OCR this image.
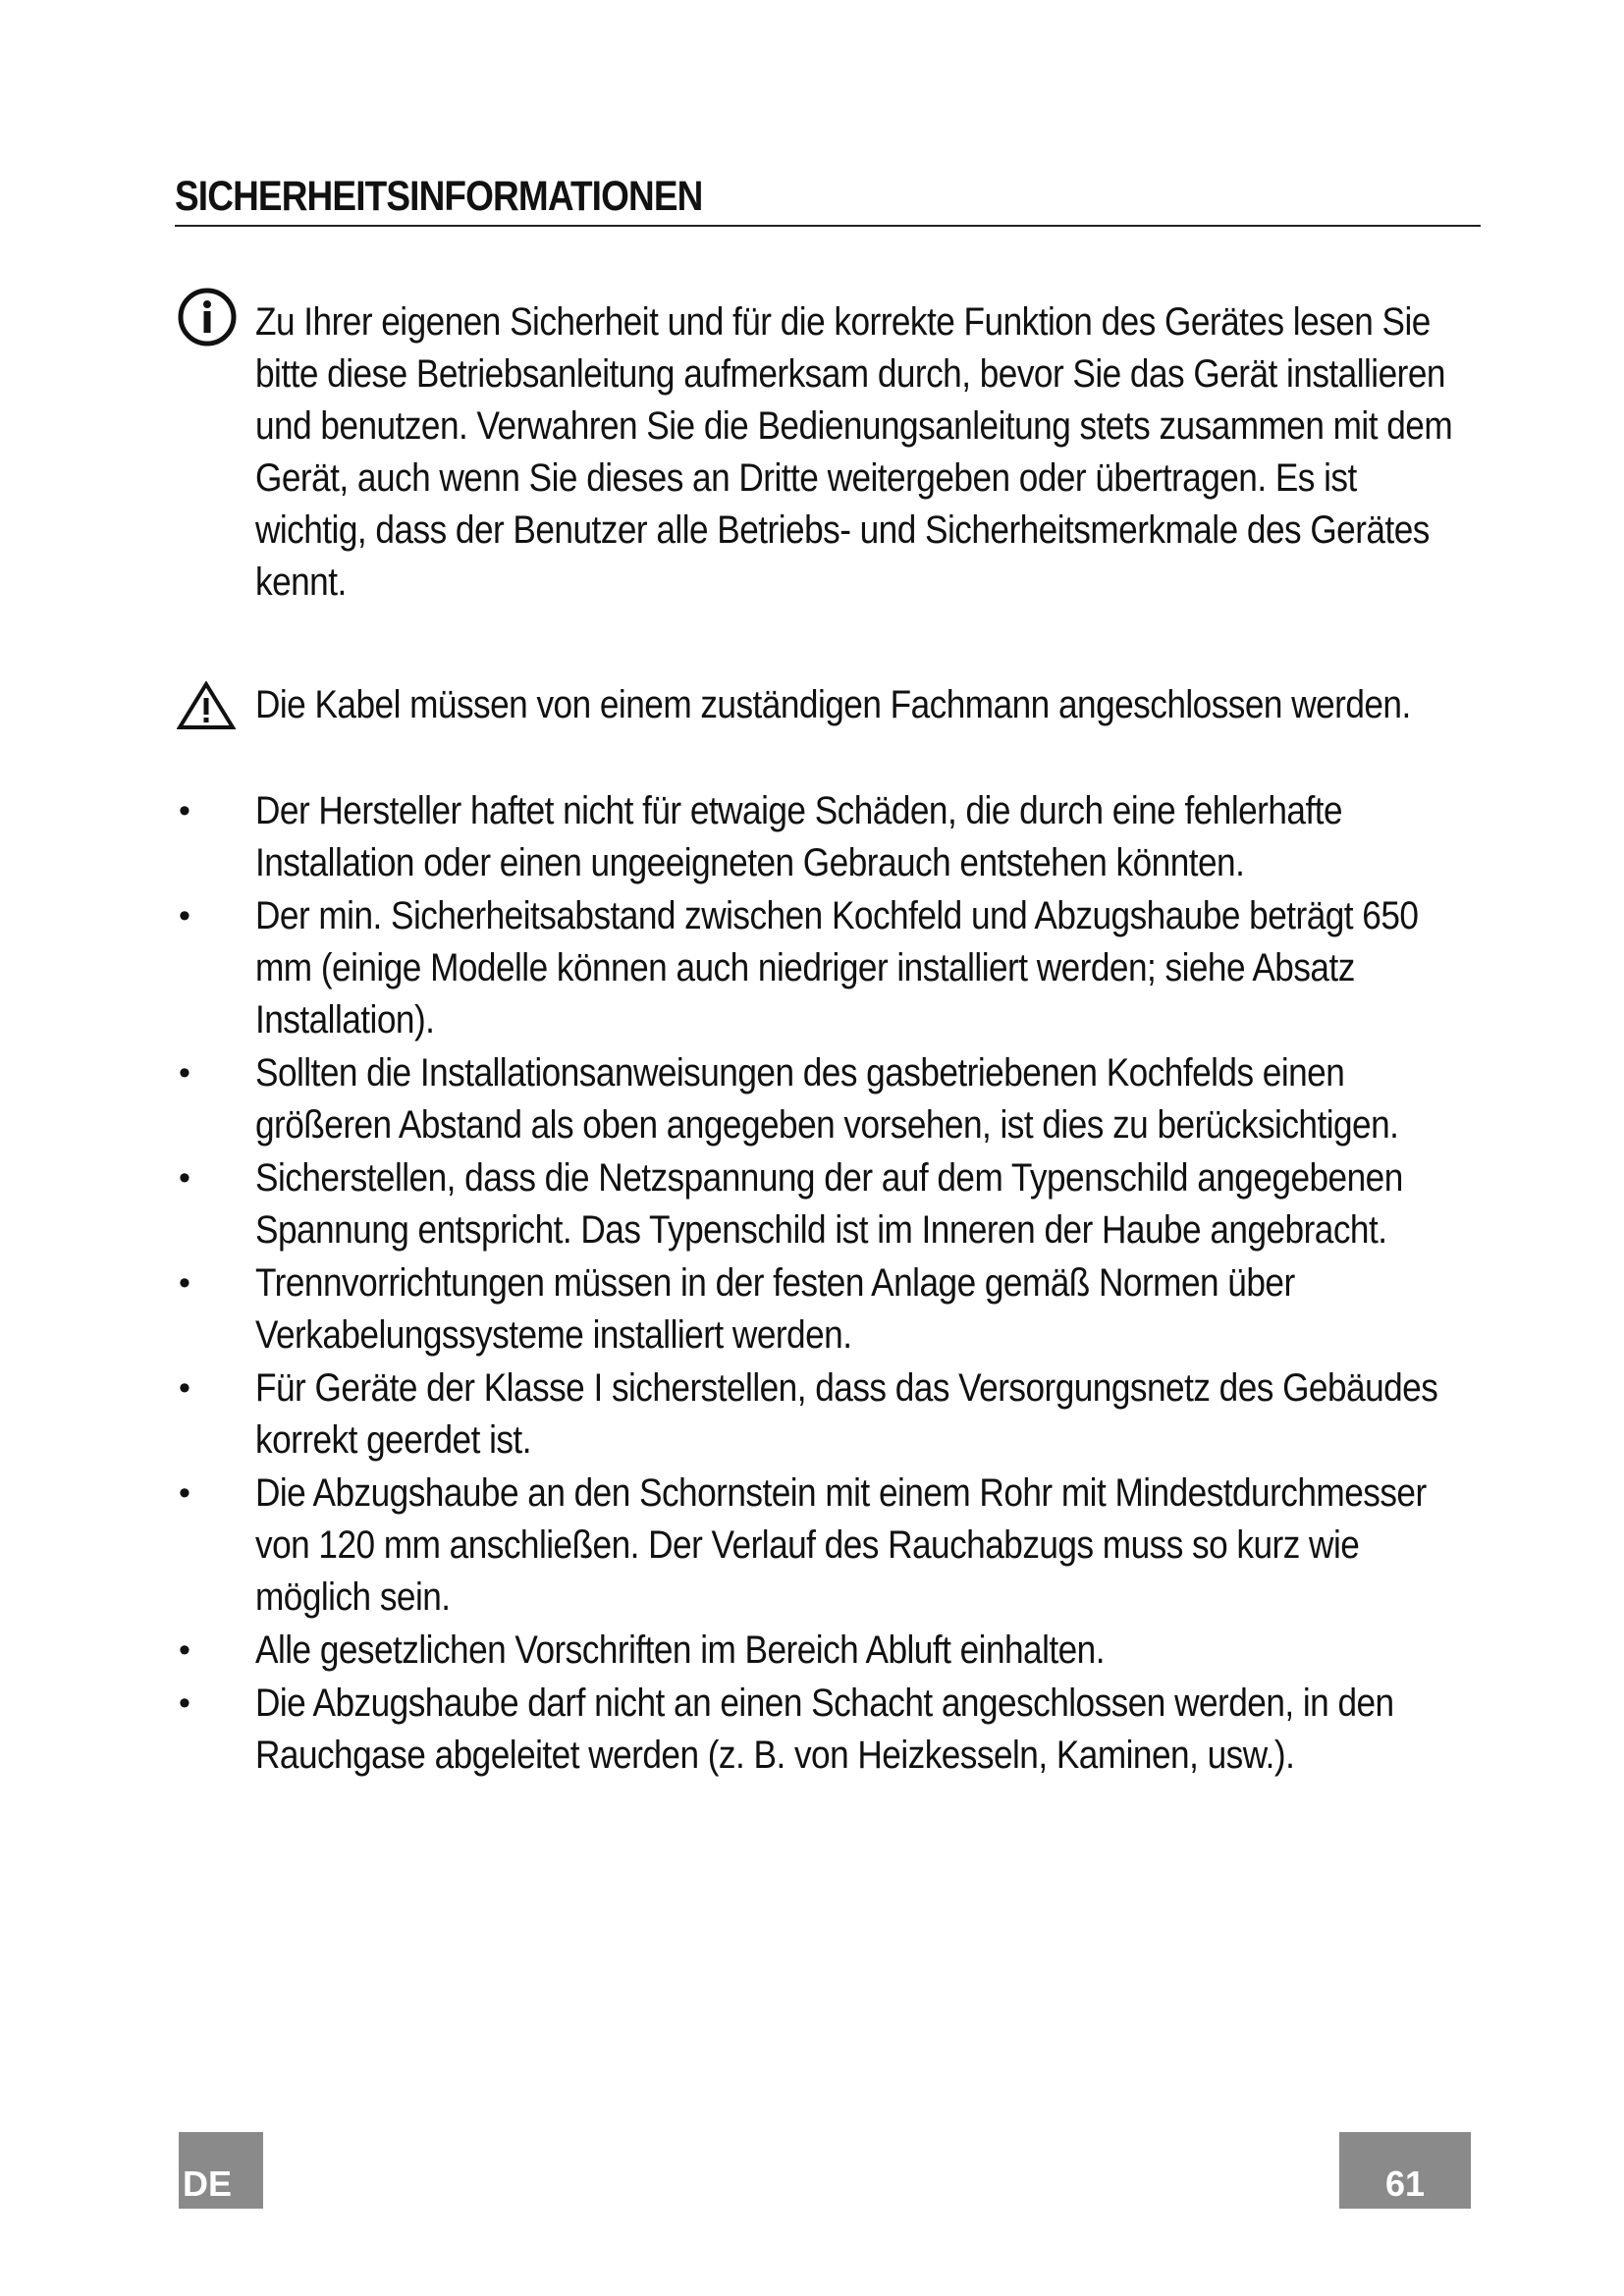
SICHERHEITSINFORMATIONEN
Zu Ihrer eigenen Sicherheit und für die korrekte Funktion des Gerätes lesen Sie bitte diese Betriebsanleitung aufmerksam durch, bevor Sie das Gerät installieren und benutzen. Verwahren Sie die Bedienungsanleitung stets zusammen mit dem Gerät, auch wenn Sie dieses an Dritte weitergeben oder übertragen. Es ist wichtig, dass der Benutzer alle Betriebs- und Sicherheitsmerkmale des Gerätes kennt.
Die Kabel müssen von einem zuständigen Fachmann angeschlossen werden.
• Der Hersteller haftet nicht für etwaige Schäden, die durch eine fehlerhafte Installation oder einen ungeeigneten Gebrauch entstehen könnten.
• Der min. Sicherheitsabstand zwischen Kochfeld und Abzugshaube beträgt 650 mm (einige Modelle können auch niedriger installiert werden; siehe Absatz Installation).
• Sollten die Installationsanweisungen des gasbetriebenen Kochfelds einen größeren Abstand als oben angegeben vorsehen, ist dies zu berücksichtigen.
• Sicherstellen, dass die Netzspannung der auf dem Typenschild angegebenen Spannung entspricht. Das Typenschild ist im Inneren der Haube angebracht.
• Trennvorrichtungen müssen in der festen Anlage gemäß Normen über Verkabelungssysteme installiert werden.
• Für Geräte der Klasse I sicherstellen, dass das Versorgungsnetz des Gebäudes korrekt geerdet ist.
• Die Abzugshaube an den Schornstein mit einem Rohr mit Mindestdurchmesser von 120 mm anschließen. Der Verlauf des Rauchabzugs muss so kurz wie möglich sein.
• Alle gesetzlichen Vorschriften im Bereich Abluft einhalten.
• Die Abzugshaube darf nicht an einen Schacht angeschlossen werden, in den Rauchgase abgeleitet werden (z. B. von Heizkesseln, Kaminen, usw.).
DE	61
